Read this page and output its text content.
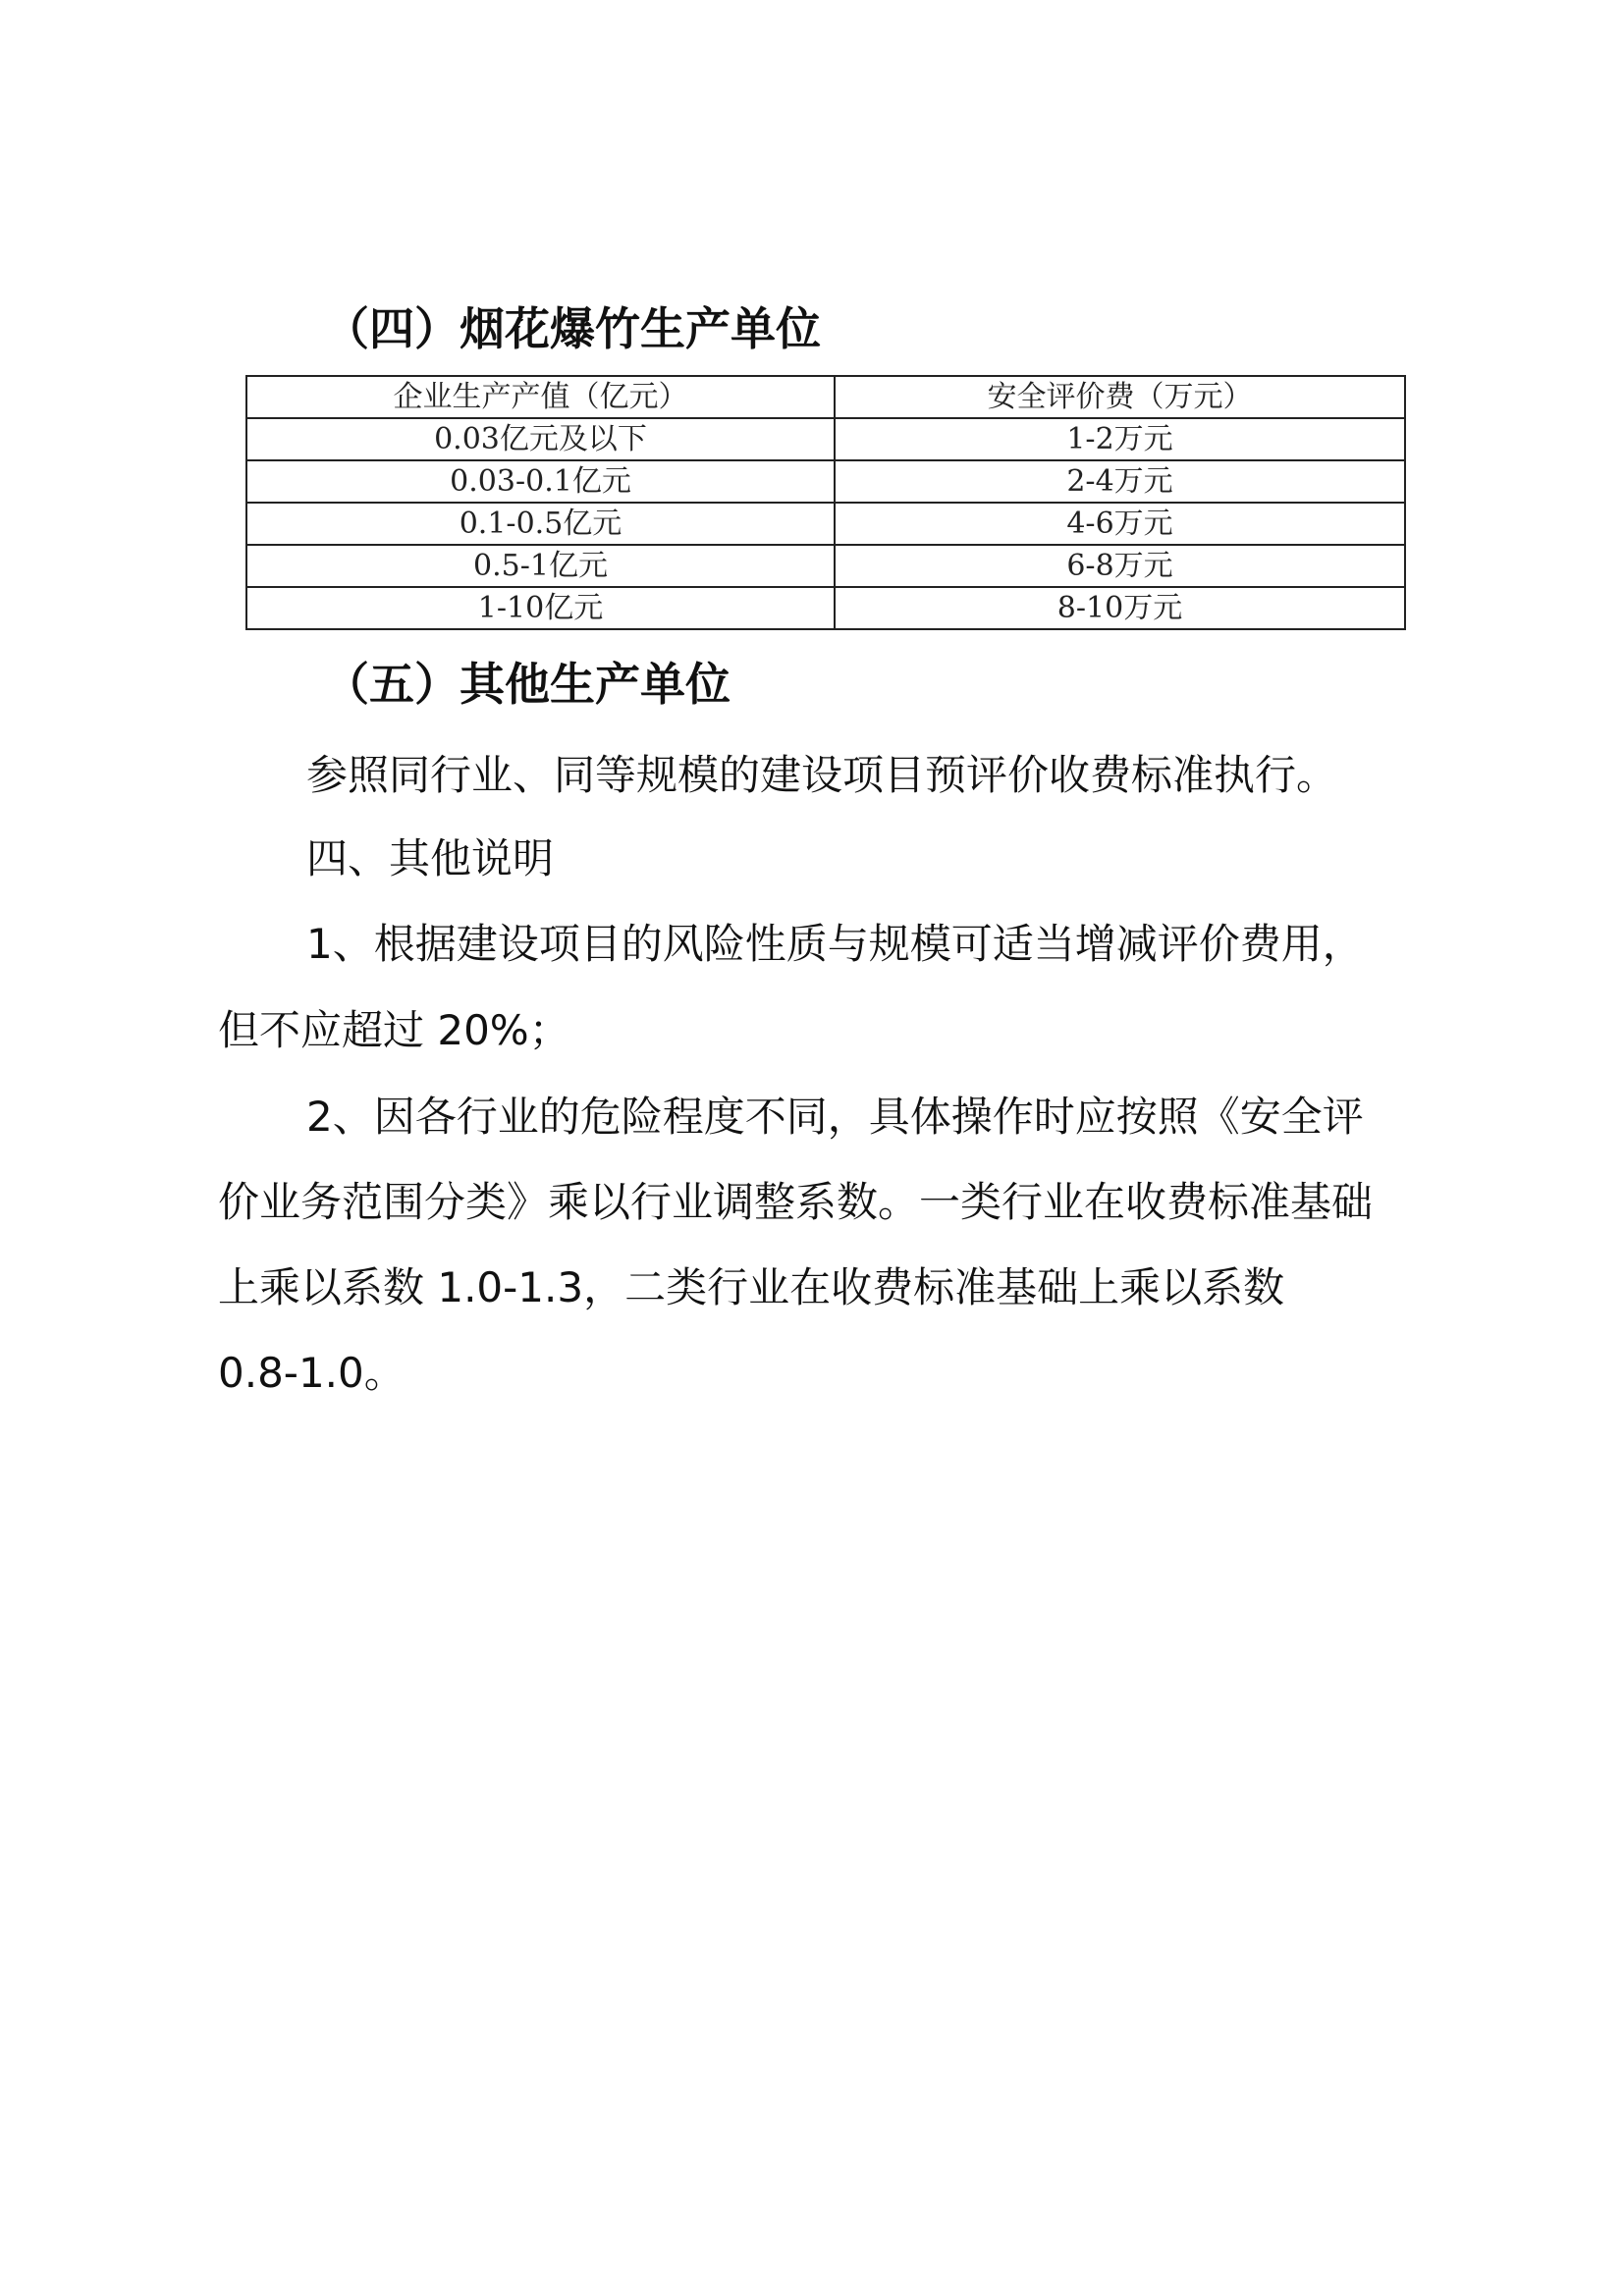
（四）烟花爆竹生产单位
企业生产产值（亿元）	安全评价费（万元）
0.03亿元及以下	1-2万元
0.03-0.1亿元	2-4万元
0.1-0.5亿元	4-6万元
0.5-1亿元	6-8万元
1-10亿元	8-10万元
（五）其他生产单位

参照同行业、同等规模的建设项目预评价收费标准执行。

四、其他说明

1、根据建设项目的风险性质与规模可适当增减评价费用，

但不应超过 20%；

2、因各行业的危险程度不同，具体操作时应按照《安全评

价业务范围分类》乘以行业调整系数。一类行业在收费标准基础

上乘以系数 1.0-1.3，二类行业在收费标准基础上乘以系数

0.8-1.0。
